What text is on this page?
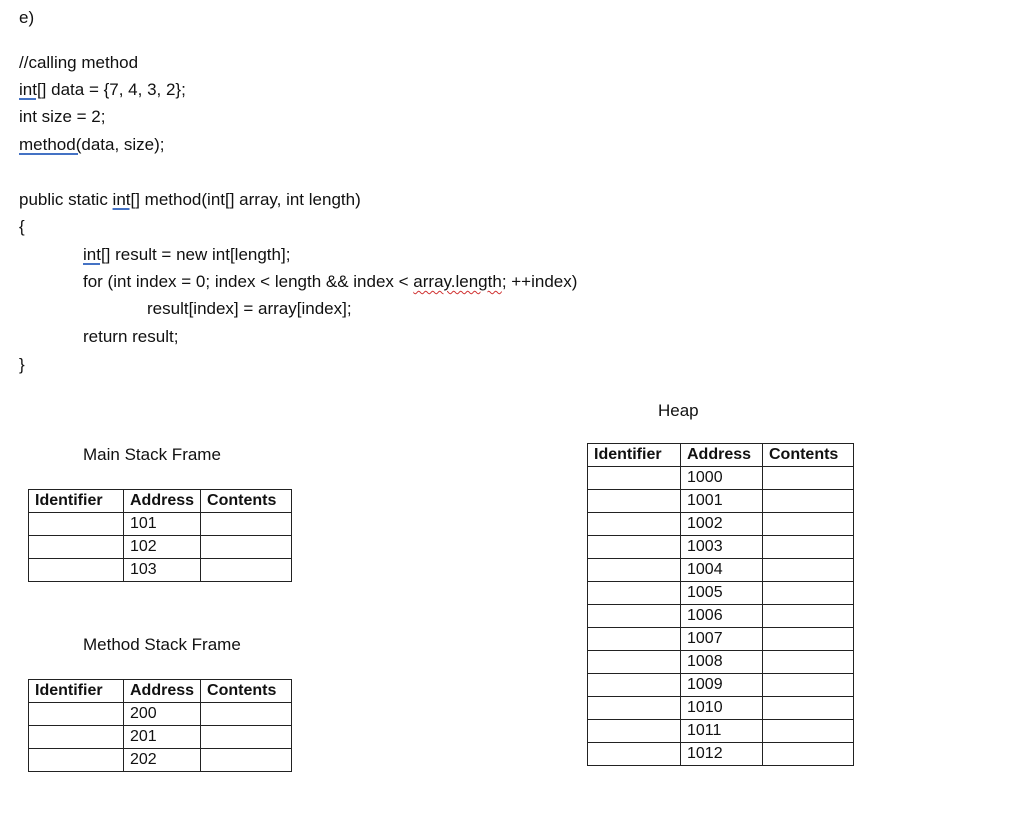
e)
//calling method
int[] data = {7, 4, 3, 2};
int size = 2;
method(data, size);
public static int[] method(int[] array, int length)
{
int[] result = new int[length];
for (int index = 0; index < length && index < array.length; ++index)
result[index] = array[index];
return result;
}
Main Stack Frame
Identifier	Address	Contents
	101	
	102	
	103	
Method Stack Frame
Identifier	Address	Contents
	200	
	201	
	202	
Heap
Identifier	Address	Contents
	1000	
	1001	
	1002	
	1003	
	1004	
	1005	
	1006	
	1007	
	1008	
	1009	
	1010	
	1011	
	1012	
